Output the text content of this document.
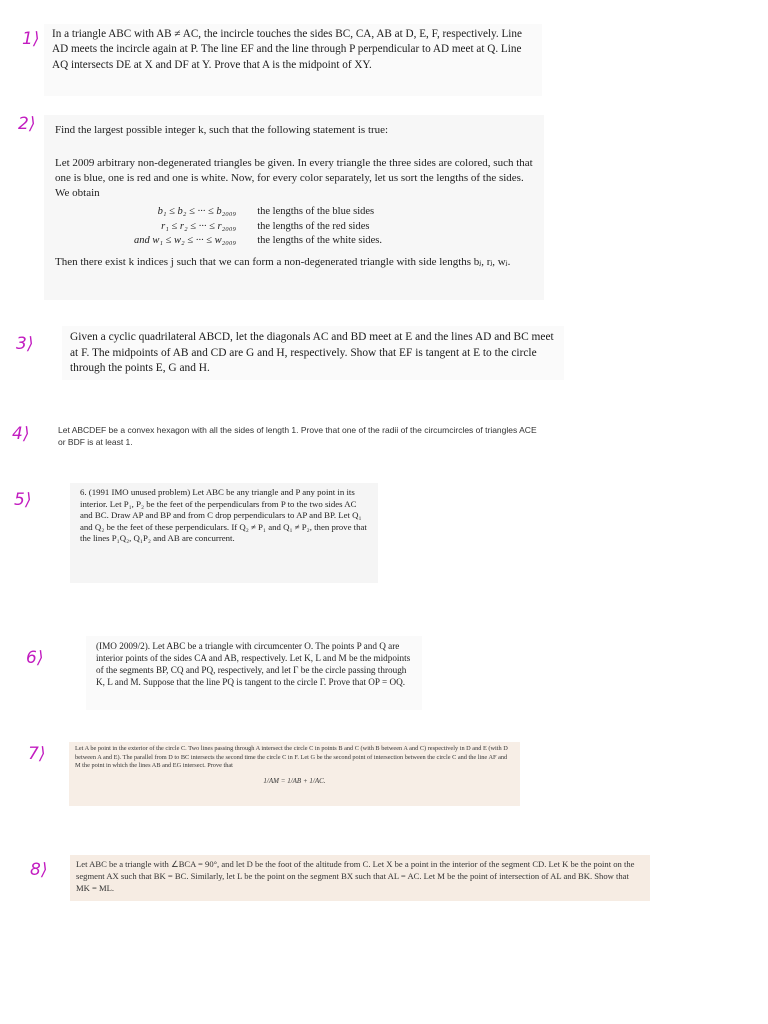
1⟩
2⟩
3⟩
4⟩
5⟩
6⟩
7⟩
8⟩

In a triangle ABC with AB ≠ AC, the incircle touches the sides BC, CA, AB at D, E, F, respectively. Line AD meets the incircle again at P. The line EF and the line through P perpendicular to AD meet at Q. Line AQ intersects DE at X and DF at Y. Prove that A is the midpoint of XY.

Find the largest possible integer k, such that the following statement is true:

Let 2009 arbitrary non-degenerated triangles be given. In every triangle the three sides are colored, such that one is blue, one is red and one is white. Now, for every color separately, let us sort the lengths of the sides. We obtain

b₁ ≤ b₂ ≤ ··· ≤ b₂₀₀₉	the lengths of the blue sides
r₁ ≤ r₂ ≤ ··· ≤ r₂₀₀₉	the lengths of the red sides
and w₁ ≤ w₂ ≤ ··· ≤ w₂₀₀₉	the lengths of the white sides.

Then there exist k indices j such that we can form a non-degenerated triangle with side lengths bⱼ, rⱼ, wⱼ.

Given a cyclic quadrilateral ABCD, let the diagonals AC and BD meet at E and the lines AD and BC meet at F. The midpoints of AB and CD are G and H, respectively. Show that EF is tangent at E to the circle through the points E, G and H.

Let ABCDEF be a convex hexagon with all the sides of length 1. Prove that one of the radii of the circumcircles of triangles ACE or BDF is at least 1.

6. (1991 IMO unused problem) Let ABC be any triangle and P any point in its interior. Let P₁, P₂ be the feet of the perpendiculars from P to the two sides AC and BC. Draw AP and BP and from C drop perpendiculars to AP and BP. Let Q₁ and Q₂ be the feet of these perpendiculars. If Q₂ ≠ P₁ and Q₁ ≠ P₂, then prove that the lines P₁Q₂, Q₁P₂ and AB are concurrent.

(IMO 2009/2). Let ABC be a triangle with circumcenter O. The points P and Q are interior points of the sides CA and AB, respectively. Let K, L and M be the midpoints of the segments BP, CQ and PQ, respectively, and let Γ be the circle passing through K, L and M. Suppose that the line PQ is tangent to the circle Γ. Prove that OP = OQ.

Let A be point in the exterior of the circle C. Two lines passing through A intersect the circle C in points B and C (with B between A and C) respectively in D and E (with D between A and E). The parallel from D to BC intersects the second time the circle C in F. Let G be the second point of intersection between the circle C and the line AF and M the point in which the lines AB and EG intersect. Prove that

1/AM = 1/AB + 1/AC.

Let ABC be a triangle with ∠BCA = 90°, and let D be the foot of the altitude from C. Let X be a point in the interior of the segment CD. Let K be the point on the segment AX such that BK = BC. Similarly, let L be the point on the segment BX such that AL = AC. Let M be the point of intersection of AL and BK. Show that MK = ML.
